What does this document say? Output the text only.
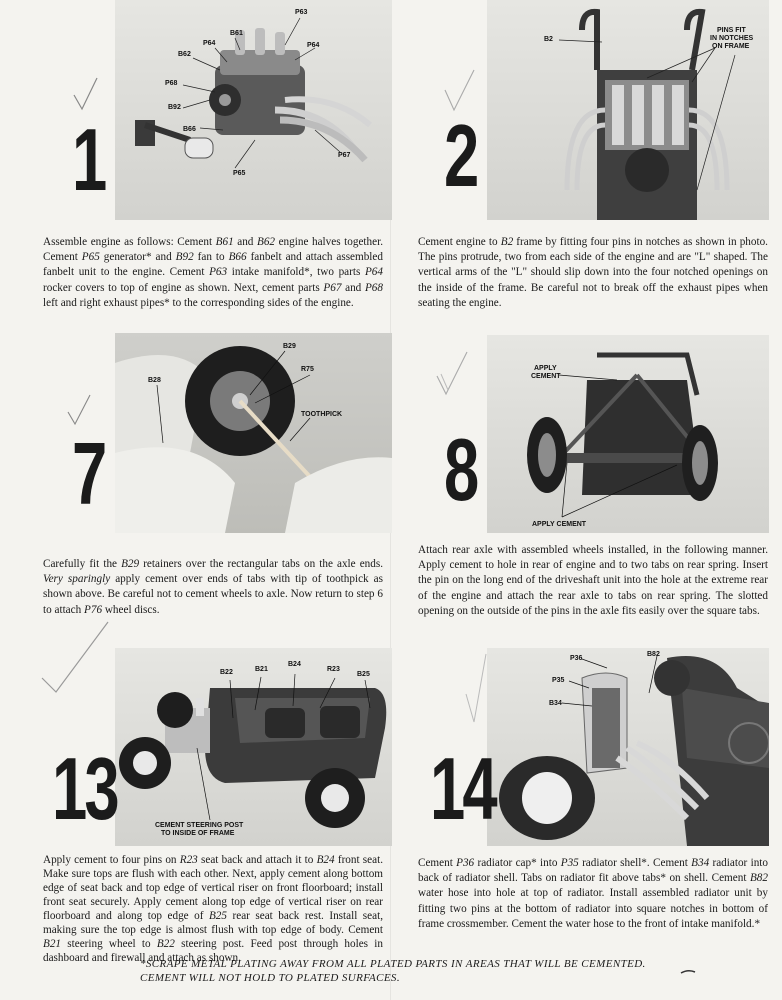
P63
B61
P64	P64
B62
P68
B92
B66
P67
P65
1

Assemble engine as follows: Cement B61 and B62 engine halves together. Cement P65 generator* and B92 fan to B66 fanbelt and attach assembled fanbelt unit to the engine. Cement P63 intake manifold*, two parts P64 rocker covers to top of engine as shown. Next, cement parts P67 and P68 left and right exhaust pipes* to the corresponding sides of the engine.

B2
PINS FIT
IN NOTCHES
ON FRAME
2

Cement engine to B2 frame by fitting four pins in notches as shown in photo. The pins protrude, two from each side of the engine and are "L" shaped. The vertical arms of the "L" should slip down into the four notched openings on the inside of the frame. Be careful not to break off the exhaust pipes when seating the engine.

B29
B28
R75
TOOTHPICK
7

Carefully fit the B29 retainers over the rectangular tabs on the axle ends. Very sparingly apply cement over ends of tabs with tip of toothpick as shown above. Be careful not to cement wheels to axle. Now return to step 6 to attach P76 wheel discs.

APPLY
CEMENT
APPLY CEMENT
8

Attach rear axle with assembled wheels installed, in the following manner. Apply cement to hole in rear of engine and to two tabs on rear spring. Insert the pin on the long end of the driveshaft unit into the hole at the extreme rear of the engine and attach the rear axle to tabs on rear spring. The slotted opening on the outside of the pins in the axle fits easily over the square tabs.

B22	B21
B24
R23
B25
CEMENT STEERING POST
TO INSIDE OF FRAME
13

Apply cement to four pins on R23 seat back and attach it to B24 front seat. Make sure tops are flush with each other. Next, apply cement along bottom edge of seat back and top edge of vertical riser on front floorboard; install front seat securely. Apply cement along top edge of vertical riser on rear floorboard and along top edge of B25 rear seat back rest. Install seat, making sure the top edge is almost flush with top edge of body. Cement B21 steering wheel to B22 steering post. Feed post through holes in dashboard and firewall and attach as shown.

P36
B82
P35
B34
14

Cement P36 radiator cap* into P35 radiator shell*. Cement B34 radiator into back of radiator shell. Tabs on radiator fit above tabs* on shell. Cement B82 water hose into hole at top of radiator. Install assembled radiator unit by fitting two pins at the bottom of radiator into square notches in bottom of frame crossmember. Cement the water hose to the front of intake manifold.*

*SCRAPE METAL PLATING AWAY FROM ALL PLATED PARTS IN AREAS THAT WILL BE CEMENTED. CEMENT WILL NOT HOLD TO PLATED SURFACES.
